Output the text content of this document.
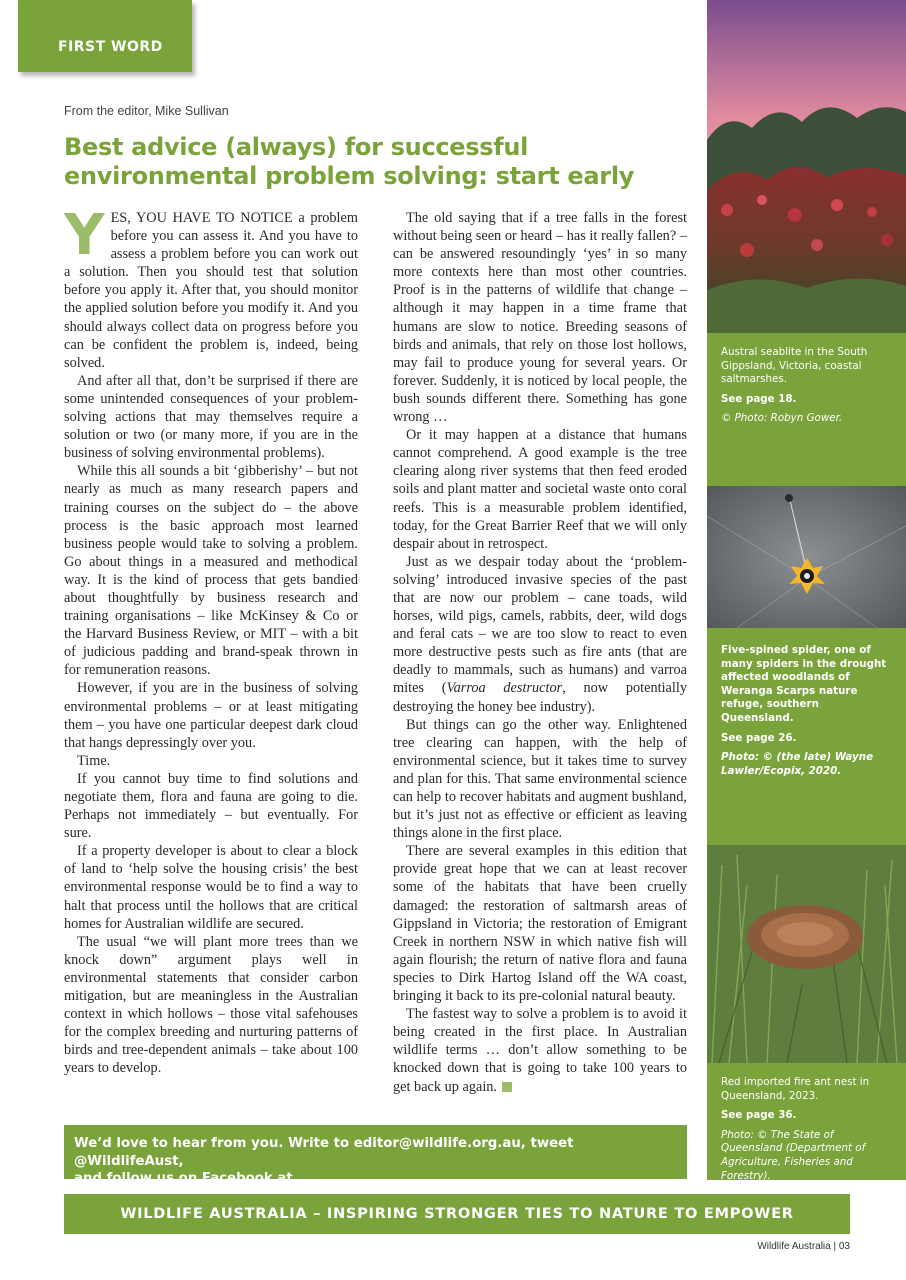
FIRST WORD
From the editor, Mike Sullivan
Best advice (always) for successful environmental problem solving: start early

YES, YOU HAVE TO NOTICE a problem before you can assess it. And you have to assess a problem before you can work out a solution. Then you should test that solution before you apply it. After that, you should monitor the applied solution before you modify it. And you should always collect data on progress before you can be confident the problem is, indeed, being solved.

And after all that, don’t be surprised if there are some unintended consequences of your problem-solving actions that may themselves require a solution or two (or many more, if you are in the business of solving environmental problems).

While this all sounds a bit ‘gibberishy’ – but not nearly as much as many research papers and training courses on the subject do – the above process is the basic approach most learned business people would take to solving a problem. Go about things in a measured and methodical way. It is the kind of process that gets bandied about thoughtfully by business research and training organisations – like McKinsey & Co or the Harvard Business Review, or MIT – with a bit of judicious padding and brand-speak thrown in for remuneration reasons.

However, if you are in the business of solving environmental problems – or at least mitigating them – you have one particular deepest dark cloud that hangs depressingly over you.

Time.

If you cannot buy time to find solutions and negotiate them, flora and fauna are going to die. Perhaps not immediately – but eventually. For sure.

If a property developer is about to clear a block of land to ‘help solve the housing crisis’ the best environmental response would be to find a way to halt that process until the hollows that are critical homes for Australian wildlife are secured.

The usual “we will plant more trees than we knock down” argument plays well in environmental statements that consider carbon mitigation, but are meaningless in the Australian context in which hollows – those vital safehouses for the complex breeding and nurturing patterns of birds and tree-dependent animals – take about 100 years to develop.

The old saying that if a tree falls in the forest without being seen or heard – has it really fallen? – can be answered resoundingly ‘yes’ in so many more contexts here than most other countries. Proof is in the patterns of wildlife that change – although it may happen in a time frame that humans are slow to notice. Breeding seasons of birds and animals, that rely on those lost hollows, may fail to produce young for several years. Or forever. Suddenly, it is noticed by local people, the bush sounds different there. Something has gone wrong …

Or it may happen at a distance that humans cannot comprehend. A good example is the tree clearing along river systems that then feed eroded soils and plant matter and societal waste onto coral reefs. This is a measurable problem identified, today, for the Great Barrier Reef that we will only despair about in retrospect.

Just as we despair today about the ‘problem-solving’ introduced invasive species of the past that are now our problem – cane toads, wild horses, wild pigs, camels, rabbits, deer, wild dogs and feral cats – we are too slow to react to even more destructive pests such as fire ants (that are deadly to mammals, such as humans) and varroa mites (Varroa destructor, now potentially destroying the honey bee industry).

But things can go the other way. Enlightened tree clearing can happen, with the help of environmental science, but it takes time to survey and plan for this. That same environmental science can help to recover habitats and augment bushland, but it’s just not as effective or efficient as leaving things alone in the first place.

There are several examples in this edition that provide great hope that we can at least recover some of the habitats that have been cruelly damaged: the restoration of saltmarsh areas of Gippsland in Victoria; the restoration of Emigrant Creek in northern NSW in which native fish will again flourish; the return of native flora and fauna species to Dirk Hartog Island off the WA coast, bringing it back to its pre-colonial natural beauty.

The fastest way to solve a problem is to avoid it being created in the first place. In Australian wildlife terms … don’t allow something to be knocked down that is going to take 100 years to get back up again.

Austral seablite in the South Gippsland, Victoria, coastal saltmarshes.

See page 18.

© Photo: Robyn Gower.

Five-spined spider, one of many spiders in the drought affected woodlands of Weranga Scarps nature refuge, southern Queensland.

See page 26.

Photo: © (the late) Wayne Lawler/Ecopix, 2020.

Red imported fire ant nest in Queensland, 2023.

See page 36.

Photo: © The State of Queensland (Department of Agriculture, Fisheries and Forestry).

We’d love to hear from you. Write to editor@wildlife.org.au, tweet @WildlifeAust,

and follow us on Facebook at

WILDLIFE AUSTRALIA – INSPIRING STRONGER TIES TO NATURE TO EMPOWER CONSERVATION	Wildlife Australia | 03
